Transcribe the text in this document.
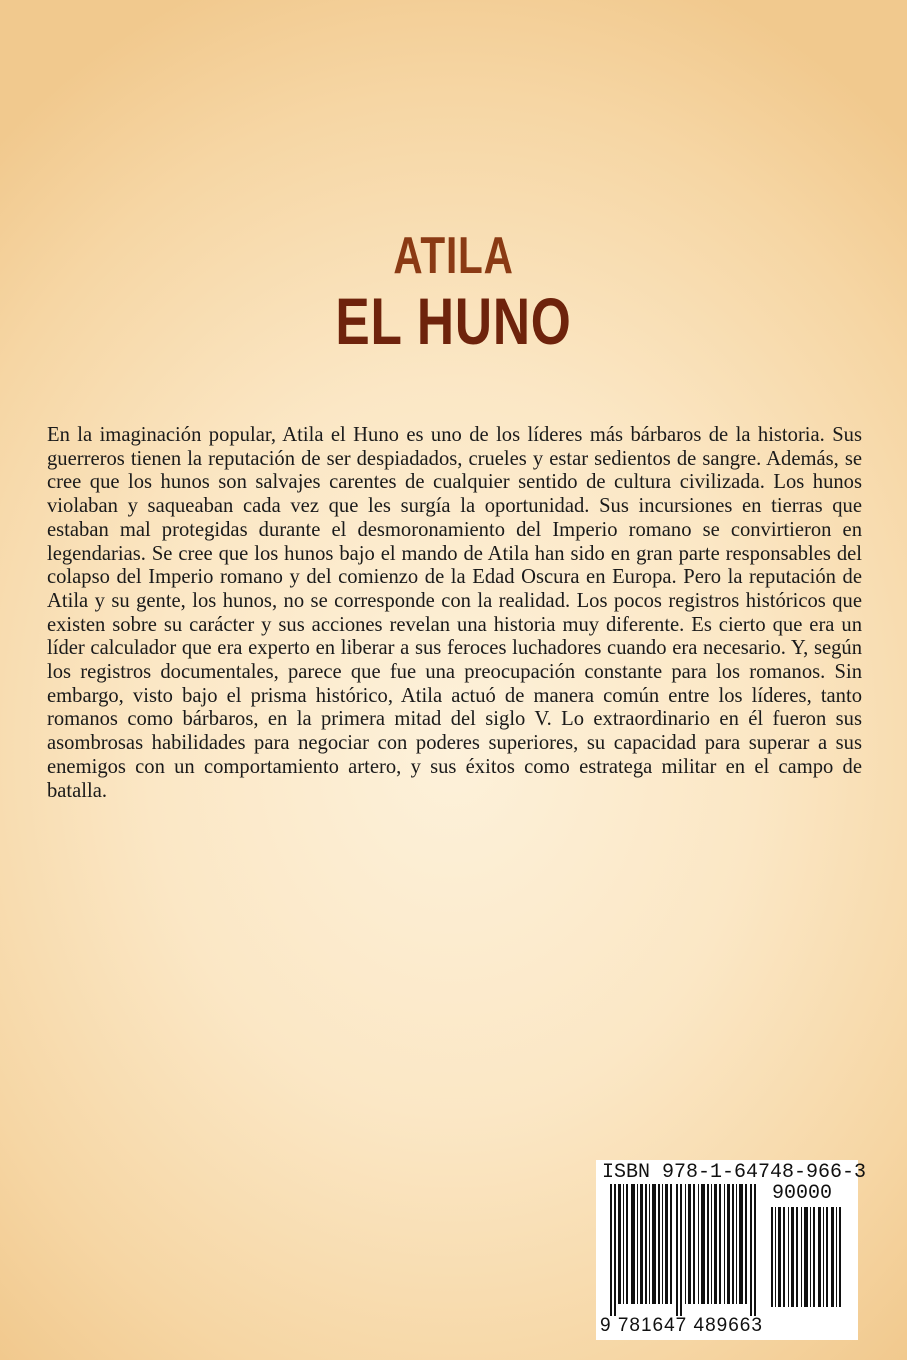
ATILA
EL HUNO

En la imaginación popular, Atila el Huno es uno de los líderes más bárbaros de la historia. Sus guerreros tienen la reputación de ser despiadados, crueles y estar sedientos de sangre. Además, se cree que los hunos son salvajes carentes de cualquier sentido de cultura civilizada. Los hunos violaban y saqueaban cada vez que les surgía la oportunidad. Sus incursiones en tierras que estaban mal protegidas durante el desmoronamiento del Imperio romano se convirtieron en legendarias. Se cree que los hunos bajo el mando de Atila han sido en gran parte responsables del colapso del Imperio romano y del comienzo de la Edad Oscura en Europa. Pero la reputación de Atila y su gente, los hunos, no se corresponde con la realidad. Los pocos registros históricos que existen sobre su carácter y sus acciones revelan una historia muy diferente. Es cierto que era un líder calculador que era experto en liberar a sus feroces luchadores cuando era necesario. Y, según los registros documentales, parece que fue una preocupación constante para los romanos. Sin embargo, visto bajo el prisma histórico, Atila actuó de manera común entre los líderes, tanto romanos como bárbaros, en la primera mitad del siglo V. Lo extraordinario en él fueron sus asombrosas habilidades para negociar con poderes superiores, su capacidad para superar a sus enemigos con un comportamiento artero, y sus éxitos como estratega militar en el campo de batalla.

ISBN 978-1-64748-966-3
90000
9 781647 489663
